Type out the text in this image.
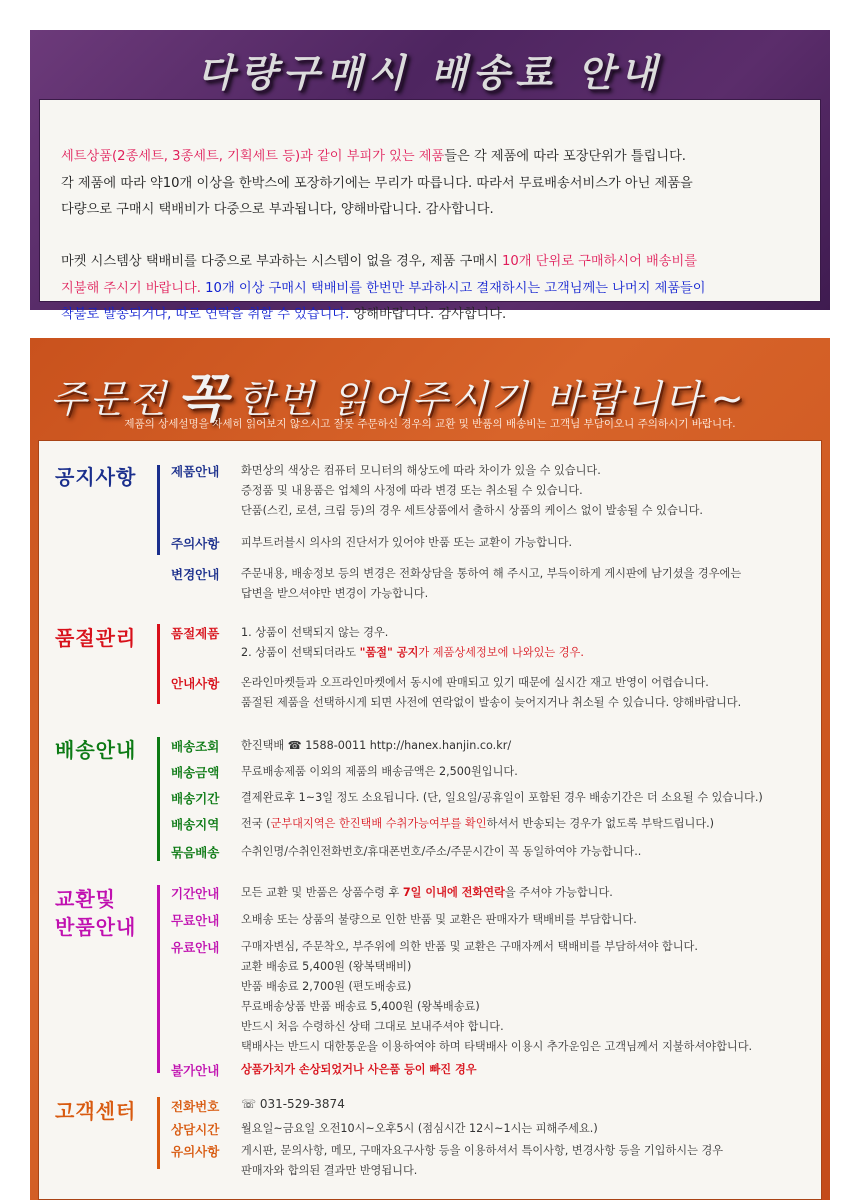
다량구매시 배송료 안내
세트상품(2종세트, 3종세트, 기획세트 등)과 같이 부피가 있는 제품들은 각 제품에 따라 포장단위가 틀립니다.
각 제품에 따라 약10개 이상을 한박스에 포장하기에는 무리가 따릅니다. 따라서 무료배송서비스가 아닌 제품을
다량으로 구매시 택배비가 다중으로 부과됩니다, 양해바랍니다. 감사합니다.
마켓 시스템상 택배비를 다중으로 부과하는 시스템이 없을 경우, 제품 구매시 10개 단위로 구매하시어 배송비를
지불해 주시기 바랍니다. 10개 이상 구매시 택배비를 한번만 부과하시고 결재하시는 고객님께는 나머지 제품들이
착불로 발송되거나, 따로 연락을 취할 수 있습니다. 양해바랍니다. 감사합니다.
주문전 꼭 한번 읽어주시기 바랍니다 ~
제품의 상세설명을 자세히 읽어보지 않으시고 잘못 주문하신 경우의 교환 및 반품의 배송비는 고객님 부담이오니 주의하시기 바랍니다.
공지사항	제품안내 화면상의 색상은 컴퓨터 모니터의 해상도에 따라 차이가 있을 수 있습니다.
증정품 및 내용품은 업체의 사정에 따라 변경 또는 취소될 수 있습니다.
단품(스킨, 로션, 크림 등)의 경우 세트상품에서 출하시 상품의 케이스 없이 발송될 수 있습니다.
주의사항 피부트러블시 의사의 진단서가 있어야 반품 또는 교환이 가능합니다.
변경안내 주문내용, 배송정보 등의 변경은 전화상담을 통하여 해 주시고, 부득이하게 게시판에 남기셨을 경우에는
답변을 받으셔야만 변경이 가능합니다.
품절관리	품절제품 1. 상품이 선택되지 않는 경우.
2. 상품이 선택되더라도 "품절" 공지가 제품상세정보에 나와있는 경우.
안내사항 온라인마켓들과 오프라인마켓에서 동시에 판매되고 있기 때문에 실시간 재고 반영이 어렵습니다.
품절된 제품을 선택하시게 되면 사전에 연락없이 발송이 늦어지거나 취소될 수 있습니다. 양해바랍니다.
배송안내	배송조회 한진택배 ☎ 1588-0011 http://hanex.hanjin.co.kr/
배송금액 무료배송제품 이외의 제품의 배송금액은 2,500원입니다.
배송기간 결제완료후 1~3일 정도 소요됩니다. (단, 일요일/공휴일이 포함된 경우 배송기간은 더 소요될 수 있습니다.)
배송지역 전국 (군부대지역은 한진택배 수취가능여부를 확인하셔서 반송되는 경우가 없도록 부탁드립니다.)
묶음배송 수취인명/수취인전화번호/휴대폰번호/주소/주문시간이 꼭 동일하여야 가능합니다..
교환및
반품안내
기간안내 모든 교환 및 반품은 상품수령 후 7일 이내에 전화연락을 주셔야 가능합니다.
무료안내 오배송 또는 상품의 불량으로 인한 반품 및 교환은 판매자가 택배비를 부담합니다.
유료안내 구매자변심, 주문착오, 부주위에 의한 반품 및 교환은 구매자께서 택배비를 부담하셔야 합니다.
교환 배송료 5,400원 (왕복택배비)
반품 배송료 2,700원 (편도배송료)
무료배송상품 반품 배송료 5,400원 (왕복배송료)
반드시 처음 수령하신 상태 그대로 보내주셔야 합니다.
택배사는 반드시 대한통운을 이용하여야 하며 타택배사 이용시 추가운임은 고객님께서 지불하셔야합니다.
불가안내 상품가치가 손상되었거나 사은품 등이 빠진 경우
고객센터	전화번호 ☏ 031-529-3874
상담시간 월요일~금요일 오전10시~오후5시 (점심시간 12시~1시는 피해주세요.)
유의사항 게시판, 문의사항, 메모, 구매자요구사항 등을 이용하셔서 특이사항, 변경사항 등을 기입하시는 경우
판매자와 합의된 결과만 반영됩니다.
